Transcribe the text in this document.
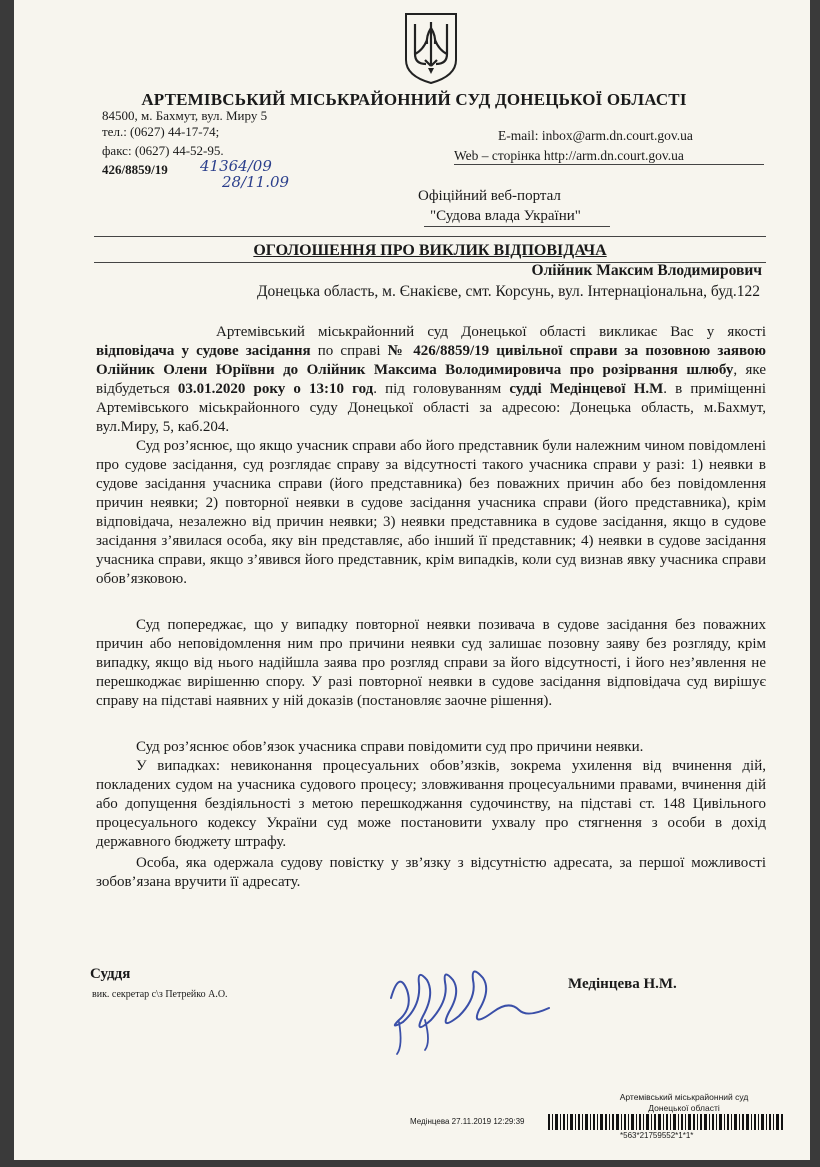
АРТЕМІВСЬКИЙ МІСЬКРАЙОННИЙ СУД ДОНЕЦЬКОЇ ОБЛАСТІ
84500, м. Бахмут, вул. Миру 5
тел.: (0627) 44-17-74;
факс: (0627) 44-52-95.
E-mail: inbox@arm.dn.court.gov.ua
Web – сторінка http://arm.dn.court.gov.ua
426/8859/19 41364/09
28/11.09
Офіційний веб-портал
"Судова влада України"
ОГОЛОШЕННЯ ПРО ВИКЛИК ВІДПОВІДАЧА
Олійник Максим Влодимирович
Донецька область, м. Єнакієве, смт. Корсунь, вул. Інтернаціональна, буд.122

Артемівський міськрайонний суд Донецької області викликає Вас у якості відповідача у судове засідання по справі № 426/8859/19 цивільної справи за позовною заявою Олійник Олени Юріївни до Олійник Максима Володимировича про розірвання шлюбу, яке відбудеться 03.01.2020 року о 13:10 год. під головуванням судді Медінцевої Н.М. в приміщенні Артемівського міськрайонного суду Донецької області за адресою: Донецька область, м.Бахмут, вул.Миру, 5, каб.204.

Суд роз’яснює, що якщо учасник справи або його представник були належним чином повідомлені про судове засідання, суд розглядає справу за відсутності такого учасника справи у разі: 1) неявки в судове засідання учасника справи (його представника) без поважних причин або без повідомлення причин неявки; 2) повторної неявки в судове засідання учасника справи (його представника), крім відповідача, незалежно від причин неявки; 3) неявки представника в судове засідання, якщо в судове засідання з’явилася особа, яку він представляє, або інший її представник; 4) неявки в судове засідання учасника справи, якщо з’явився його представник, крім випадків, коли суд визнав явку учасника справи обов’язковою.

Суд попереджає, що у випадку повторної неявки позивача в судове засідання без поважних причин або неповідомлення ним про причини неявки суд залишає позовну заяву без розгляду, крім випадку, якщо від нього надійшла заява про розгляд справи за його відсутності, і його нез’явлення не перешкоджає вирішенню спору. У разі повторної неявки в судове засідання відповідача суд вирішує справу на підставі наявних у ній доказів (постановляє заочне рішення).

Суд роз’яснює обов’язок учасника справи повідомити суд про причини неявки.

У випадках: невиконання процесуальних обов’язків, зокрема ухилення від вчинення дій, покладених судом на учасника судового процесу; зловживання процесуальними правами, вчинення дій або допущення бездіяльності з метою перешкоджання судочинству, на підставі ст. 148 Цивільного процесуального кодексу України суд може постановити ухвалу про стягнення з особи в дохід державного бюджету штрафу.

Особа, яка одержала судову повістку у зв’язку з відсутністю адресата, за першої можливості зобов’язана вручити її адресату.

Суддя
вик. секретар с\з Петрейко А.О.
Медінцева Н.М.
Артемівський міськрайонний суд
Донецької області
Медінцева 27.11.2019 12:29:39
*563*21759552*1*1*
